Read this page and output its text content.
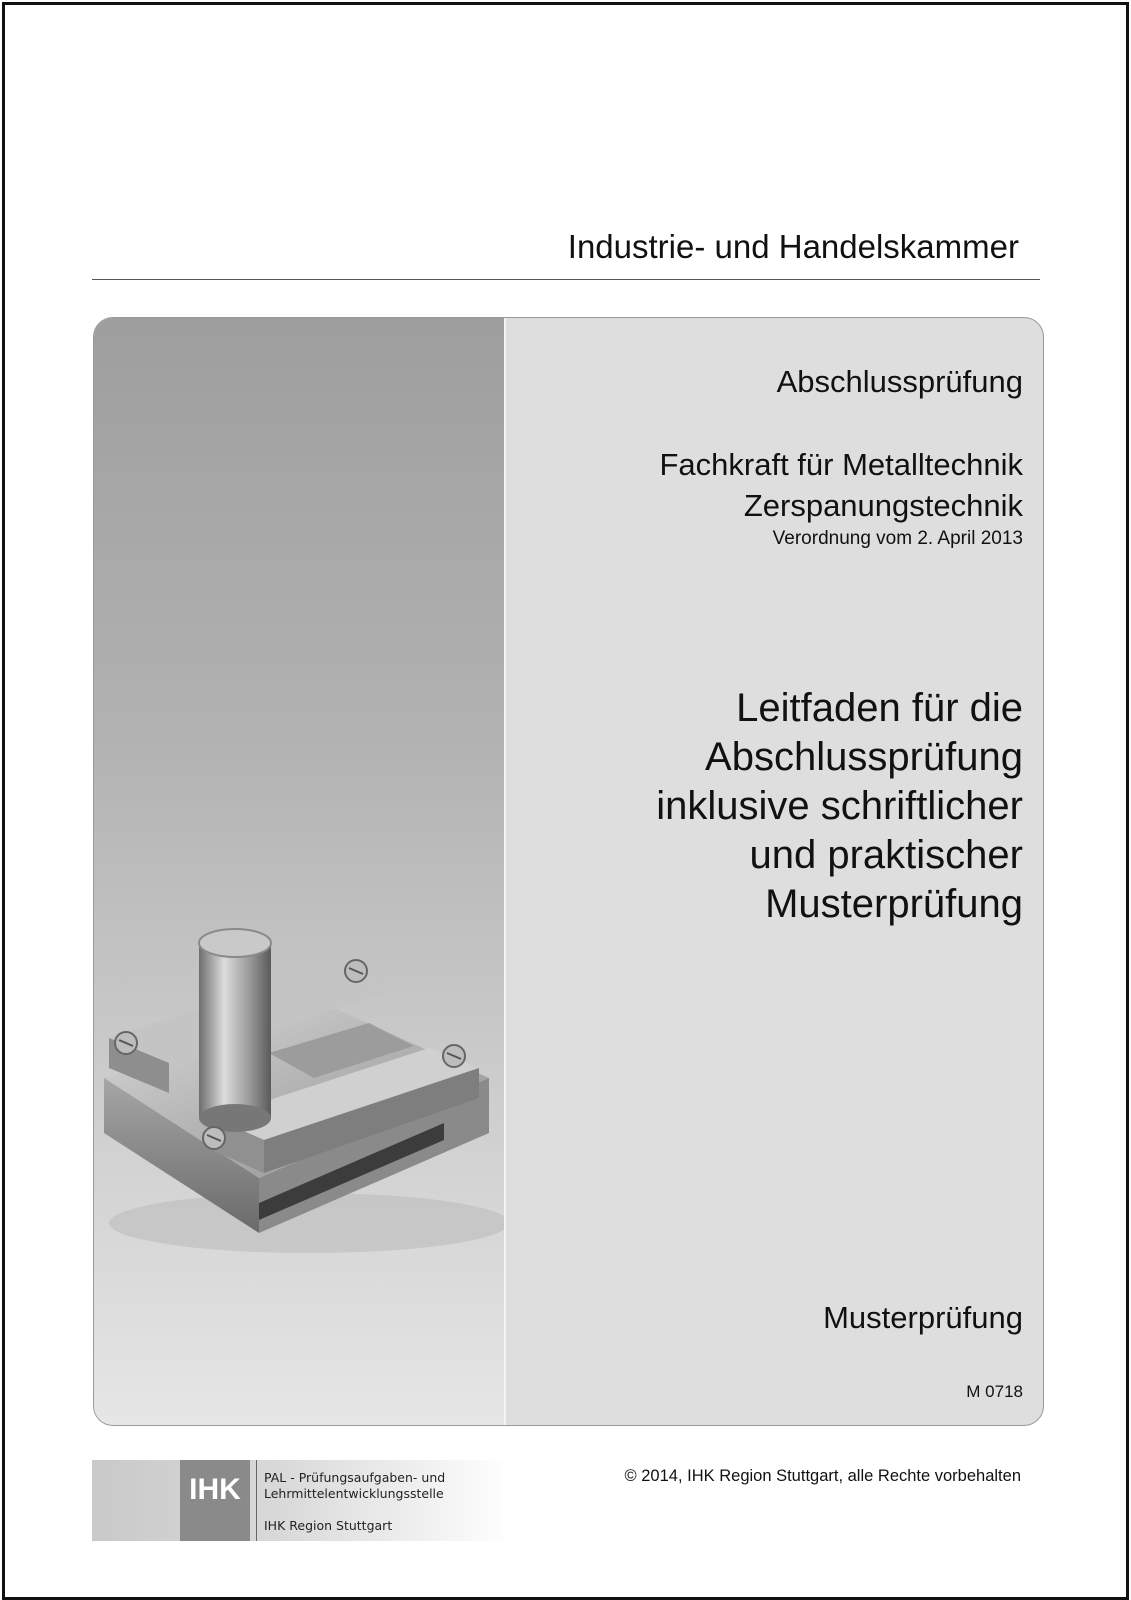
Industrie- und Handelskammer
Abschlussprüfung
Fachkraft für Metalltechnik
Zerspanungstechnik
Verordnung vom 2. April 2013
Leitfaden für die
Abschlussprüfung
inklusive schriftlicher
und praktischer
Musterprüfung
Musterprüfung
M 0718
IHK	PAL - Prüfungsaufgaben- und
Lehrmittelentwicklungsstelle
IHK Region Stuttgart
© 2014, IHK Region Stuttgart, alle Rechte vorbehalten
